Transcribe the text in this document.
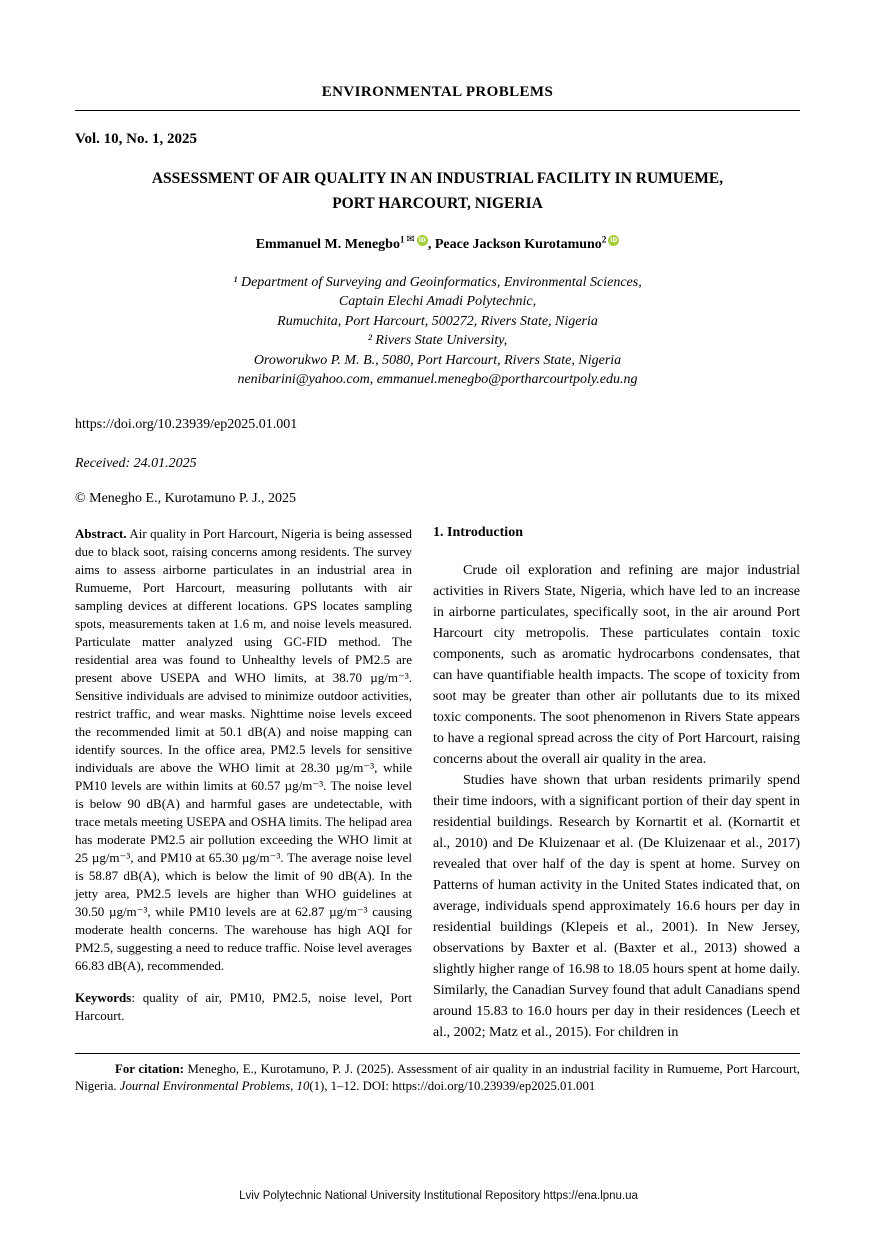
ENVIRONMENTAL PROBLEMS
Vol. 10, No. 1, 2025
ASSESSMENT OF AIR QUALITY IN AN INDUSTRIAL FACILITY IN RUMUEME,
PORT HARCOURT, NIGERIA
Emmanuel M. Menegbo$^1$ ✉ iD , Peace Jackson Kurotamuno$^2$ iD
¹ Department of Surveying and Geoinformatics, Environmental Sciences,
Captain Elechi Amadi Polytechnic,
Rumuchita, Port Harcourt, 500272, Rivers State, Nigeria
² Rivers State University,
Oroworukwo P. M. B., 5080, Port Harcourt, Rivers State, Nigeria
nenibarini@yahoo.com, emmanuel.menegbo@portharcourtpoly.edu.ng
https://doi.org/10.23939/ep2025.01.001
Received: 24.01.2025
© Menegho E., Kurotamuno P. J., 2025

Abstract. Air quality in Port Harcourt, Nigeria is being assessed due to black soot, raising concerns among residents. The survey aims to assess airborne particulates in an industrial area in Rumueme, Port Harcourt, measuring pollutants with air sampling devices at different locations. GPS locates sampling spots, measurements taken at 1.6 m, and noise levels measured. Particulate matter analyzed using GC-FID method. The residential area was found to Unhealthy levels of PM2.5 are present above USEPA and WHO limits, at 38.70 µg/m⁻³. Sensitive individuals are advised to minimize outdoor activities, restrict traffic, and wear masks. Nighttime noise levels exceed the recommended limit at 50.1 dB(A) and noise mapping can identify sources. In the office area, PM2.5 levels for sensitive individuals are above the WHO limit at 28.30 µg/m⁻³, while PM10 levels are within limits at 60.57 µg/m⁻³. The noise level is below 90 dB(A) and harmful gases are undetectable, with trace metals meeting USEPA and OSHA limits. The helipad area has moderate PM2.5 air pollution exceeding the WHO limit at 25 µg/m⁻³, and PM10 at 65.30 µg/m⁻³. The average noise level is 58.87 dB(A), which is below the limit of 90 dB(A). In the jetty area, PM2.5 levels are higher than WHO guidelines at 30.50 µg/m⁻³, while PM10 levels are at 62.87 µg/m⁻³ causing moderate health concerns. The warehouse has high AQI for PM2.5, suggesting a need to reduce traffic. Noise level averages 66.83 dB(A), recommended.

Keywords: quality of air, PM10, PM2.5, noise level, Port Harcourt.

1. Introduction

Crude oil exploration and refining are major industrial activities in Rivers State, Nigeria, which have led to an increase in airborne particulates, specifically soot, in the air around Port Harcourt city metropolis. These particulates contain toxic components, such as aromatic hydrocarbons condensates, that can have quantifiable health impacts. The scope of toxicity from soot may be greater than other air pollutants due to its mixed toxic components. The soot phenomenon in Rivers State appears to have a regional spread across the city of Port Harcourt, raising concerns about the overall air quality in the area.

Studies have shown that urban residents primarily spend their time indoors, with a significant portion of their day spent in residential buildings. Research by Kornartit et al. (Kornartit et al., 2010) and De Kluizenaar et al. (De Kluizenaar et al., 2017) revealed that over half of the day is spent at home. Survey on Patterns of human activity in the United States indicated that, on average, individuals spend approximately 16.6 hours per day in residential buildings (Klepeis et al., 2001). In New Jersey, observations by Baxter et al. (Baxter et al., 2013) showed a slightly higher range of 16.98 to 18.05 hours spent at home daily. Similarly, the Canadian Survey found that adult Canadians spend around 15.83 to 16.0 hours per day in their residences (Leech et al., 2002; Matz et al., 2015). For children in

For citation: Menegho, E., Kurotamuno, P. J. (2025). Assessment of air quality in an industrial facility in Rumueme, Port Harcourt, Nigeria. Journal Environmental Problems, 10(1), 1–12. DOI: https://doi.org/10.23939/ep2025.01.001
Lviv Polytechnic National University Institutional Repository https://ena.lpnu.ua
